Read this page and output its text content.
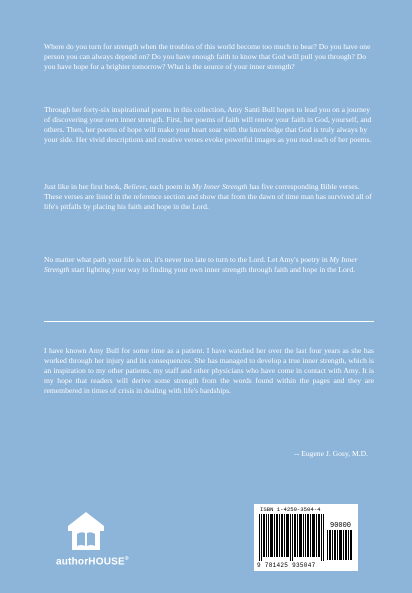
Where do you turn for strength when the troubles of this world become too much to bear? Do you have one person you can always depend on? Do you have enough faith to know that God will pull you through? Do you have hope for a brighter tomorrow? What is the source of your inner strength?

Through her forty-six inspirational poems in this collection, Amy Santi Bull hopes to lead you on a journey of discovering your own inner strength. First, her poems of faith will renew your faith in God, yourself, and others. Then, her poems of hope will make your heart soar with the knowledge that God is truly always by your side. Her vivid descriptions and creative verses evoke powerful images as you read each of her poems.

Just like in her first book, Believe, each poem in My Inner Strength has five corresponding Bible verses. These verses are listed in the reference section and show that from the dawn of time man has survived all of life's pitfalls by placing his faith and hope in the Lord.

No matter what path your life is on, it's never too late to turn to the Lord. Let Amy's poetry in My Inner Strength start lighting your way to finding your own inner strength through faith and hope in the Lord.

I have known Amy Bull for some time as a patient. I have watched her over the last four years as she has worked through her injury and its consequences. She has managed to develop a true inner strength, which is an inspiration to my other patients, my staff and other physicians who have come in contact with Amy. It is my hope that readers will derive some strength from the words found within the pages and they are remembered in times of crisis in dealing with life's hardships.

-- Eugene J. Gosy, M.D.

authorHOUSE®
ISBN 1-4259-3504-4
90000
9 781425 935047
